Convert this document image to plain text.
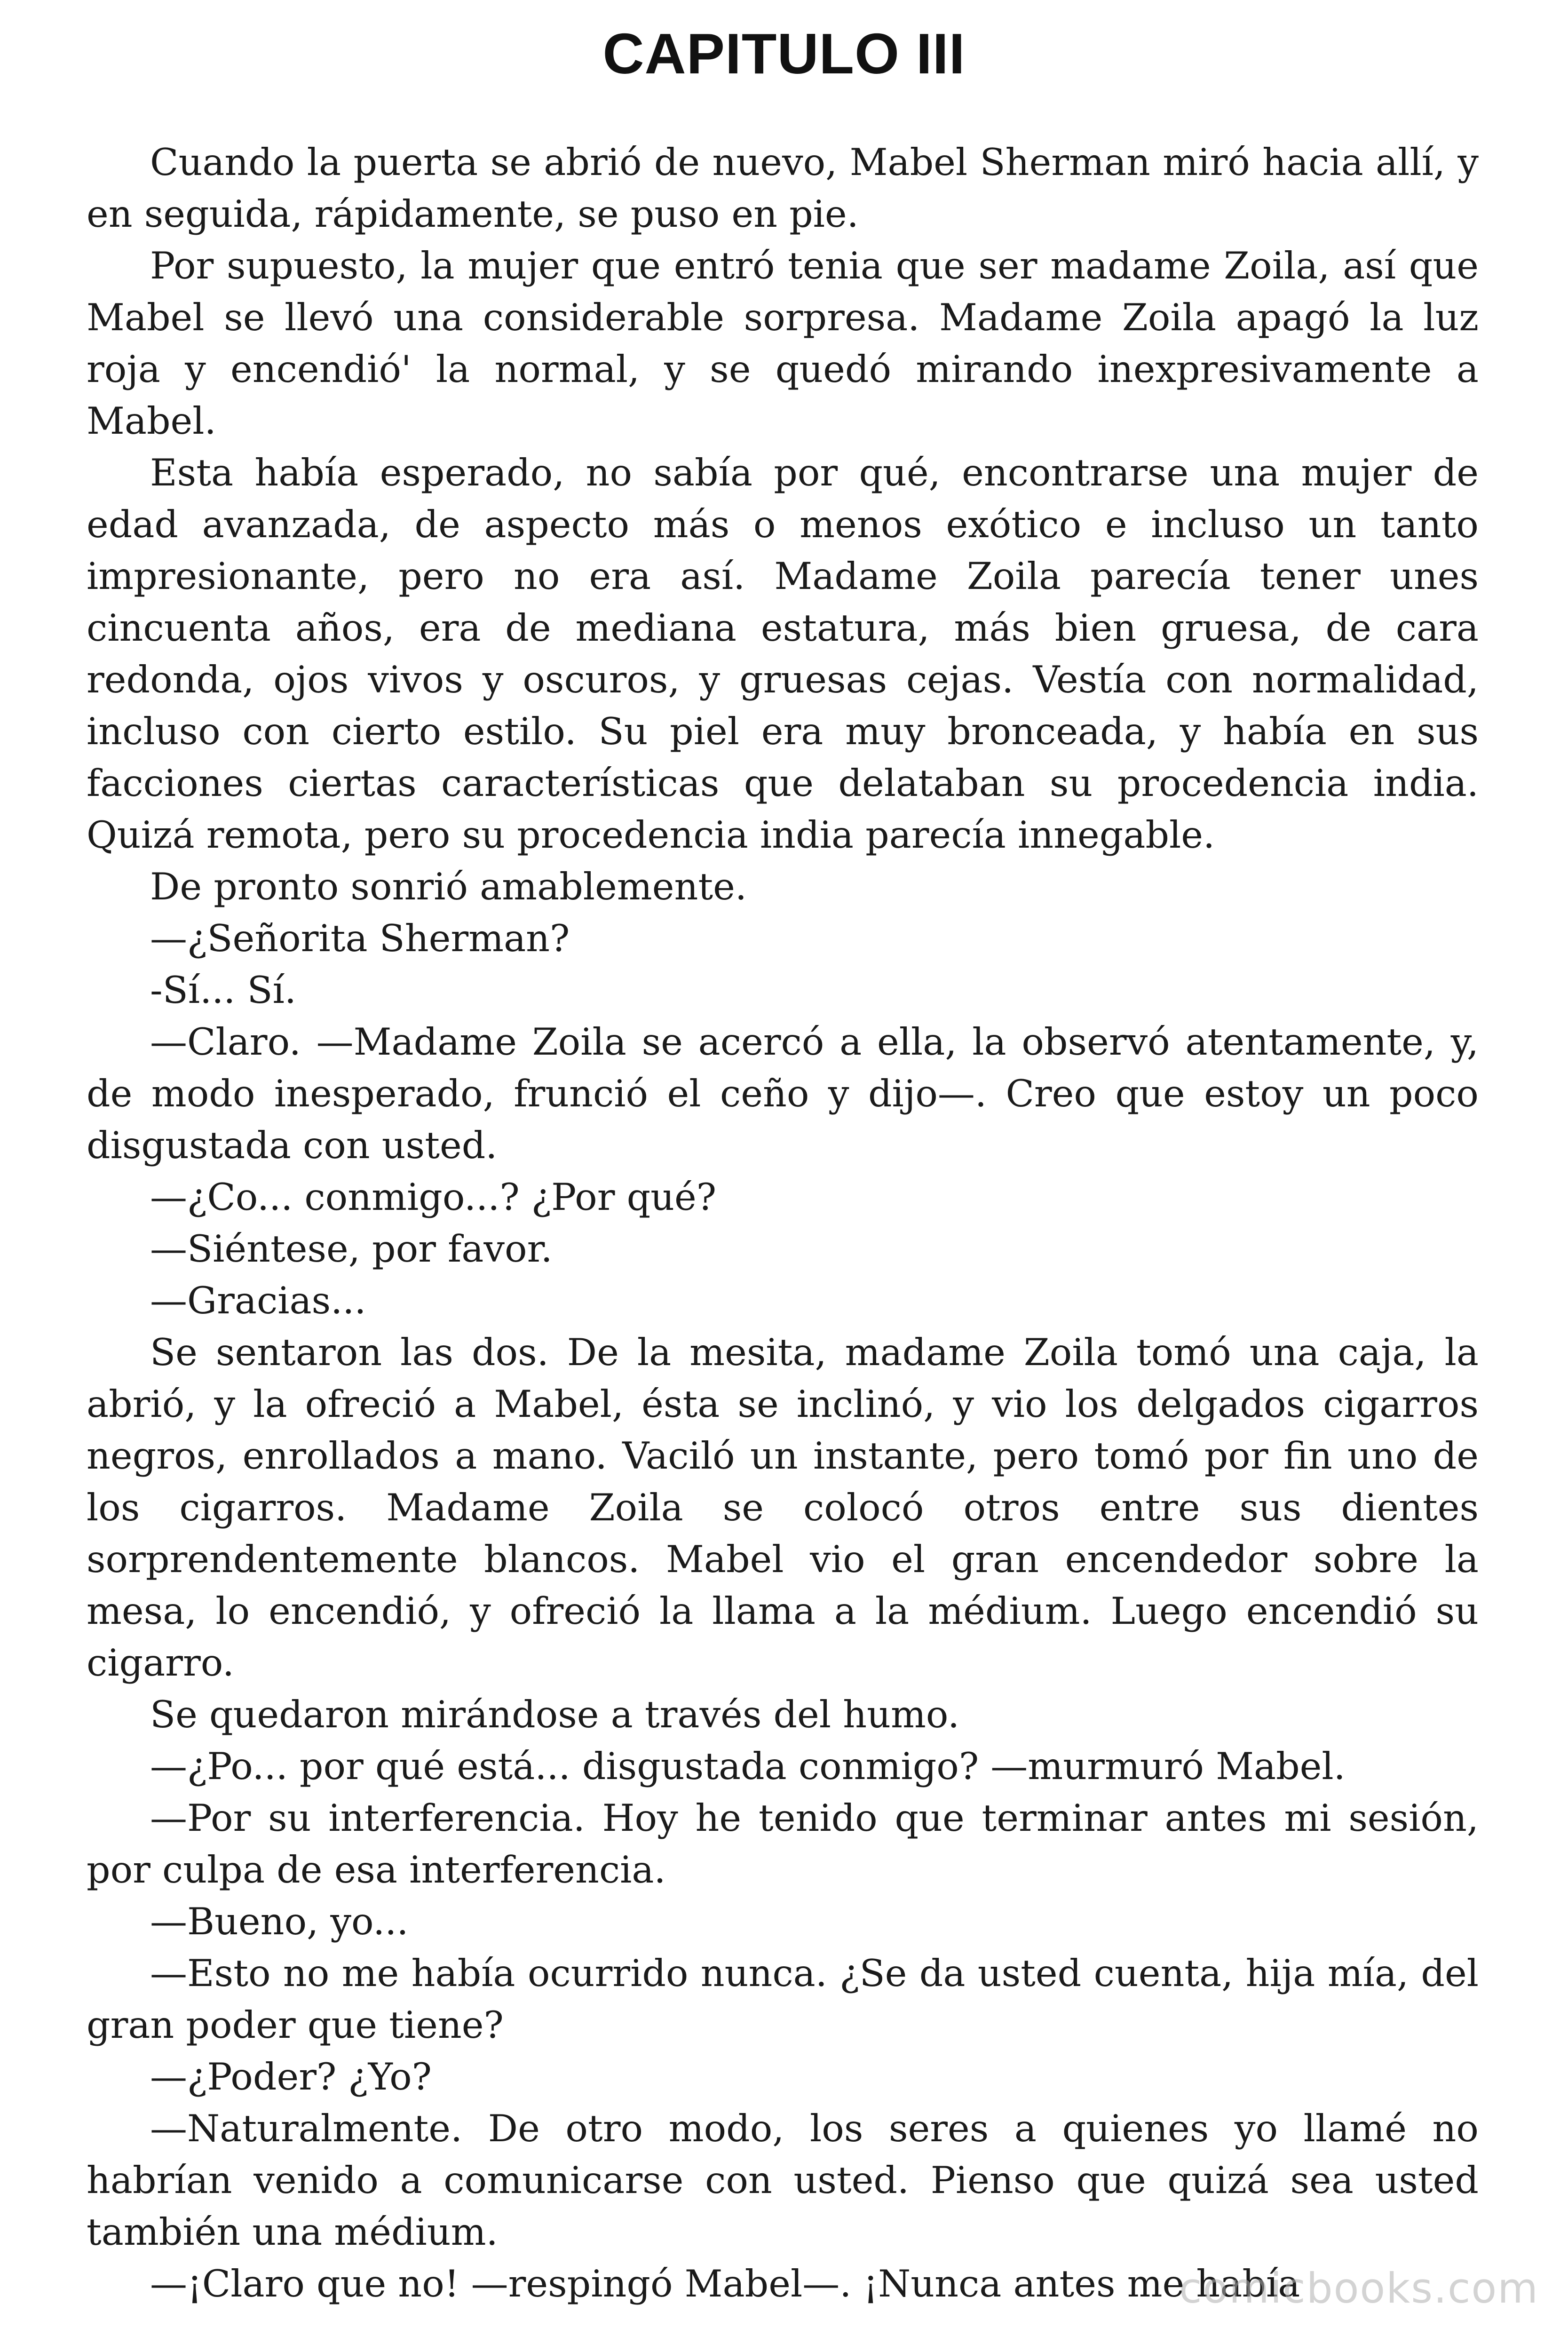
CAPITULO III

Cuando la puerta se abrió de nuevo, Mabel Sherman miró hacia allí, y en seguida, rápidamente, se puso en pie.

Por supuesto, la mujer que entró tenia que ser madame Zoila, así que Mabel se llevó una considerable sorpresa. Madame Zoila apagó la luz roja y encendió' la normal, y se quedó mirando inexpresivamente a Mabel.

Esta había esperado, no sabía por qué, encontrarse una mujer de edad avanzada, de aspecto más o menos exótico e incluso un tanto impresionante, pero no era así. Madame Zoila parecía tener unes cincuenta años, era de mediana estatura, más bien gruesa, de cara redonda, ojos vivos y oscuros, y gruesas cejas. Vestía con normalidad, incluso con cierto estilo. Su piel era muy bronceada, y había en sus facciones ciertas características que delataban su procedencia india. Quizá remota, pero su procedencia india parecía innegable.

De pronto sonrió amablemente.

—¿Señorita Sherman?

-Sí... Sí.

—Claro. —Madame Zoila se acercó a ella, la observó atentamente, y, de modo inesperado, frunció el ceño y dijo—. Creo que estoy un poco disgustada con usted.

—¿Co... conmigo...? ¿Por qué?

—Siéntese, por favor.

—Gracias...

Se sentaron las dos. De la mesita, madame Zoila tomó una caja, la abrió, y la ofreció a Mabel, ésta se inclinó, y vio los delgados cigarros negros, enrollados a mano. Vaciló un instante, pero tomó por fin uno de los cigarros. Madame Zoila se colocó otros entre sus dientes sorprendentemente blancos. Mabel vio el gran encendedor sobre la mesa, lo encendió, y ofreció la llama a la médium. Luego encendió su cigarro.

Se quedaron mirándose a través del humo.

—¿Po... por qué está... disgustada conmigo? —murmuró Mabel.

—Por su interferencia. Hoy he tenido que terminar antes mi sesión, por culpa de esa interferencia.

—Bueno, yo...

—Esto no me había ocurrido nunca. ¿Se da usted cuenta, hija mía, del gran poder que tiene?

—¿Poder? ¿Yo?

—Naturalmente. De otro modo, los seres a quienes yo llamé no habrían venido a comunicarse con usted. Pienso que quizá sea usted también una médium.

—¡Claro que no! —respingó Mabel—. ¡Nunca antes me había

comicbooks.com
